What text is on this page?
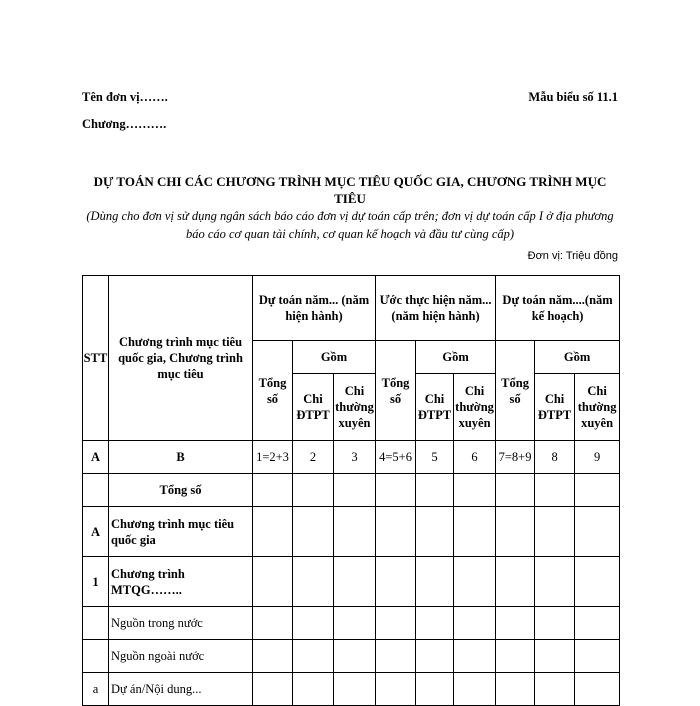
Tên đơn vị…….	Mẫu biểu số 11.1
Chương……….
DỰ TOÁN CHI CÁC CHƯƠNG TRÌNH MỤC TIÊU QUỐC GIA, CHƯƠNG TRÌNH MỤC TIÊU
(Dùng cho đơn vị sử dụng ngân sách báo cáo đơn vị dự toán cấp trên; đơn vị dự toán cấp I ở địa phương báo cáo cơ quan tài chính, cơ quan kế hoạch và đầu tư cùng cấp)
Đơn vị: Triệu đồng
STT	Chương trình mục tiêu quốc gia, Chương trình mục tiêu	Dự toán năm... (năm hiện hành)			Ước thực hiện năm... (năm hiện hành)			Dự toán năm....(năm kế hoạch)		
		Tổng số	Gồm		Tổng số	Gồm		Tổng số	Gồm	
			Chi ĐTPT	Chi thường xuyên		Chi ĐTPT	Chi thường xuyên		Chi ĐTPT	Chi thường xuyên
A	B	1=2+3	2	3	4=5+6	5	6	7=8+9	8	9
	Tổng số									
A	Chương trình mục tiêu quốc gia									
1	Chương trình MTQG……..									
	Nguồn trong nước									
	Nguồn ngoài nước									
a	Dự án/Nội dung...									
